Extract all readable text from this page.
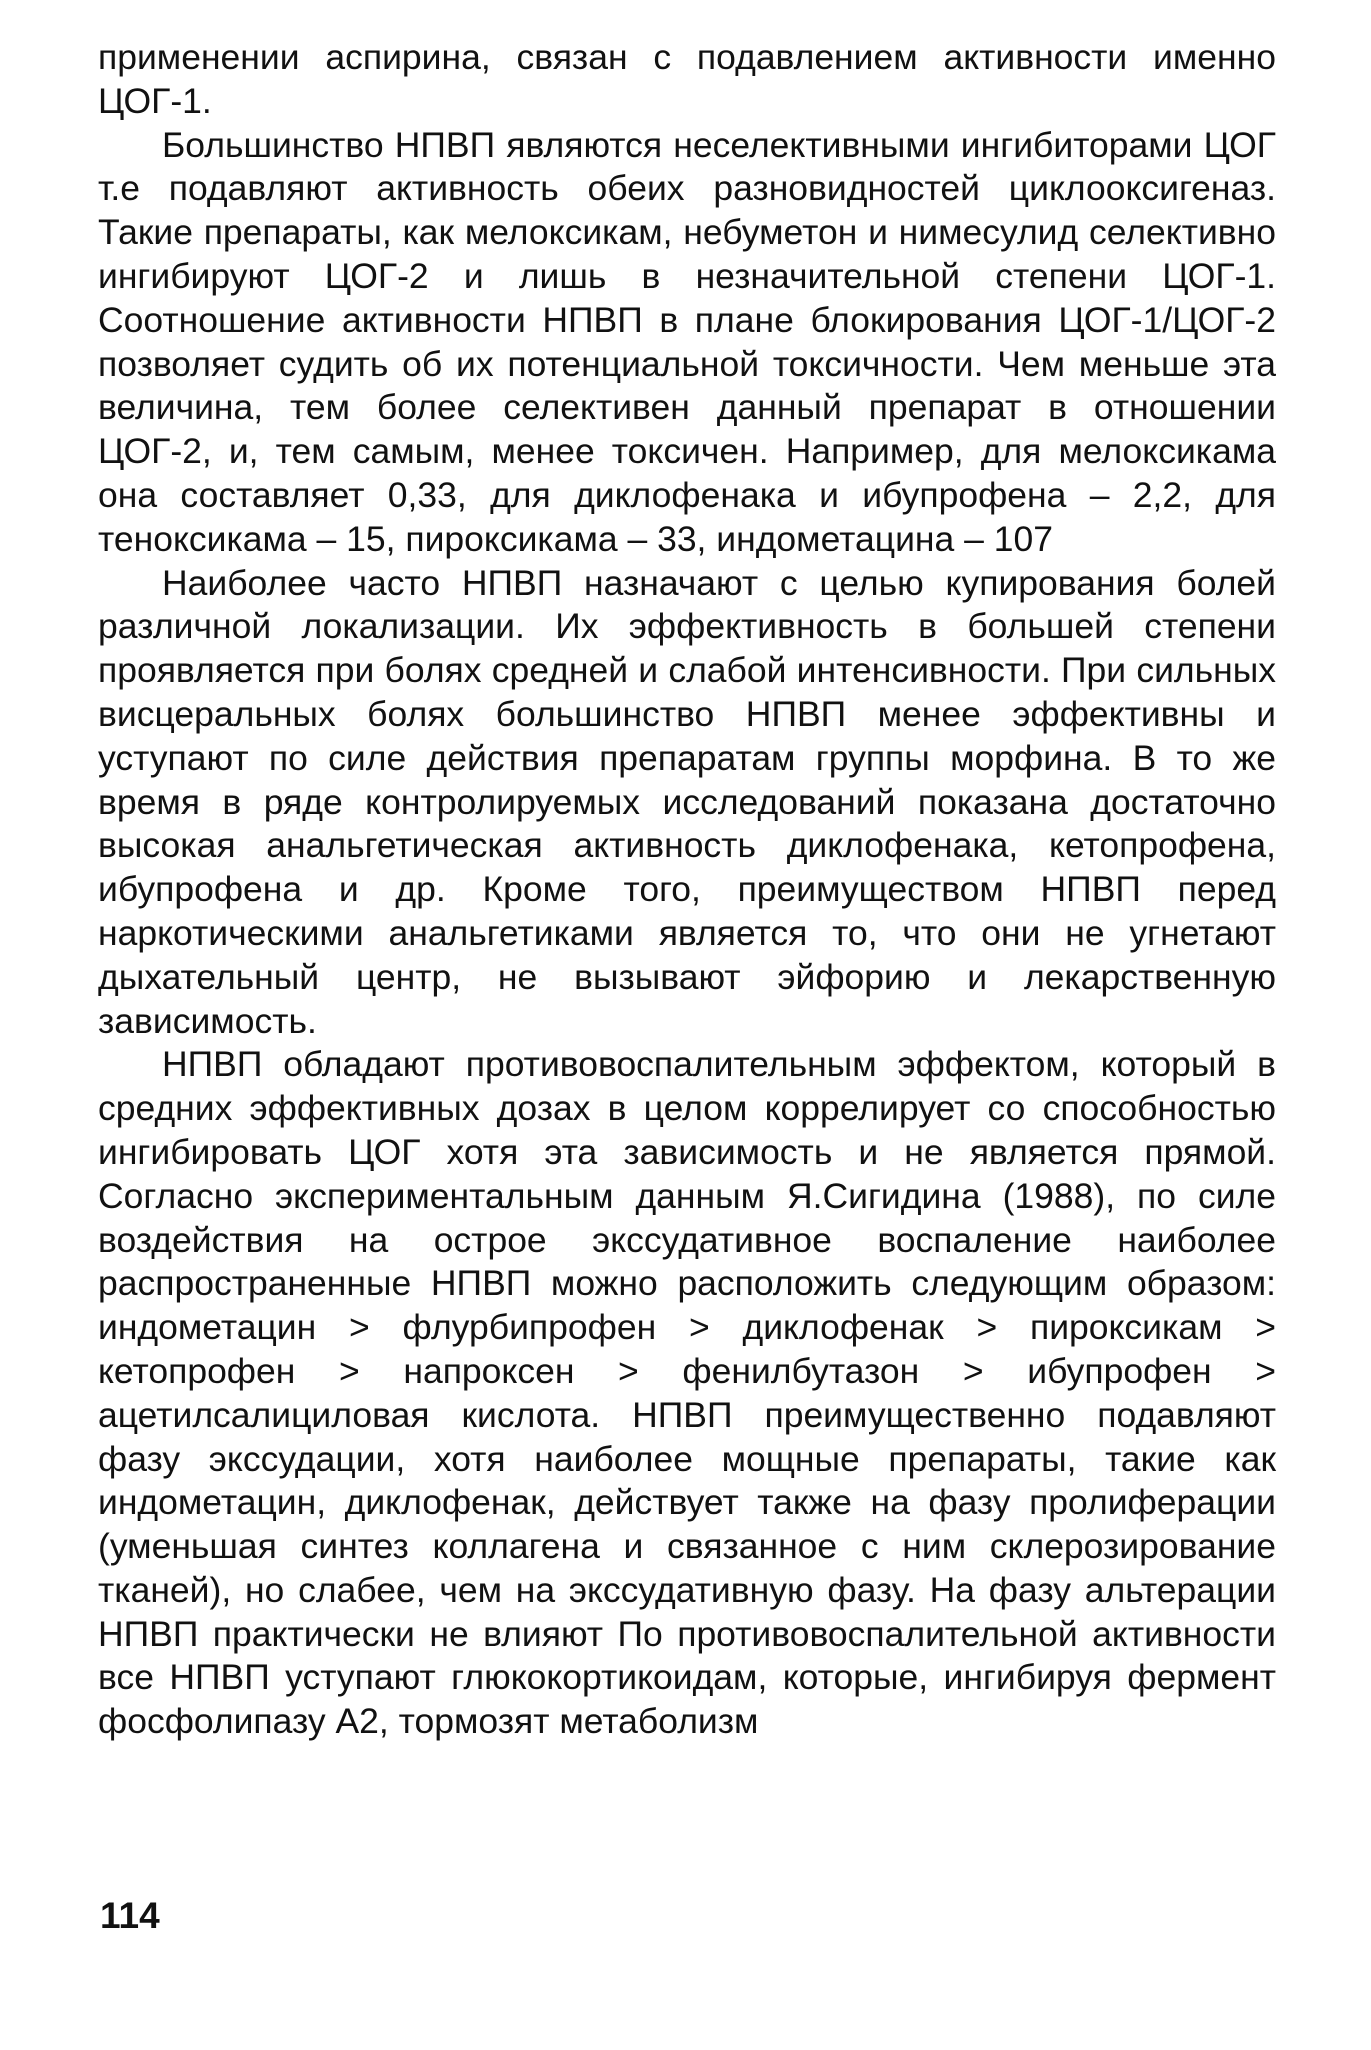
применении аспирина, связан с подавлением активности именно ЦОГ-1.

Большинство НПВП являются неселективными ингибиторами ЦОГ т.е подавляют активность обеих разновидностей циклооксигеназ. Такие препараты, как мелоксикам, небуметон и нимесулид селективно ингибируют ЦОГ-2 и лишь в незначительной степени ЦОГ-1. Соотношение активности НПВП в плане блокирования ЦОГ-1/ЦОГ-2 позволяет судить об их потенциальной токсичности. Чем меньше эта величина, тем более селективен данный препарат в отношении ЦОГ-2, и, тем самым, менее токсичен. Например, для мелоксикама она составляет 0,33, для диклофенака и ибупрофена – 2,2, для теноксикама – 15, пироксикама – 33, индометацина – 107

Наиболее часто НПВП назначают с целью купирования болей различной локализации. Их эффективность в большей степени проявляется при болях средней и слабой интенсивности. При сильных висцеральных болях большинство НПВП менее эффективны и уступают по силе действия препаратам группы морфина. В то же время в ряде контролируемых исследований показана достаточно высокая анальгетическая активность диклофенака, кетопрофена, ибупрофена и др. Кроме того, преимуществом НПВП перед наркотическими анальгетиками является то, что они не угнетают дыхательный центр, не вызывают эйфорию и лекарственную зависимость.

НПВП обладают противовоспалительным эффектом, который в средних эффективных дозах в целом коррелирует со способностью ингибировать ЦОГ хотя эта зависимость и не является прямой. Согласно экспериментальным данным Я.Сигидина (1988), по силе воздействия на острое экссудативное воспаление наиболее распространенные НПВП можно расположить следующим образом: индометацин > флурбипрофен > диклофенак > пироксикам > кетопрофен > напроксен > фенилбутазон > ибупрофен > ацетилсалициловая кислота. НПВП преимущественно подавляют фазу экссудации, хотя наиболее мощные препараты, такие как индометацин, диклофенак, действует также на фазу пролиферации (уменьшая синтез коллагена и связанное с ним склерозирование тканей), но слабее, чем на экссудативную фазу. На фазу альтерации НПВП практически не влияют По противовоспалительной активности все НПВП уступают глюкокортикоидам, которые, ингибируя фермент фосфолипазу А2, тормозят метаболизм

114
